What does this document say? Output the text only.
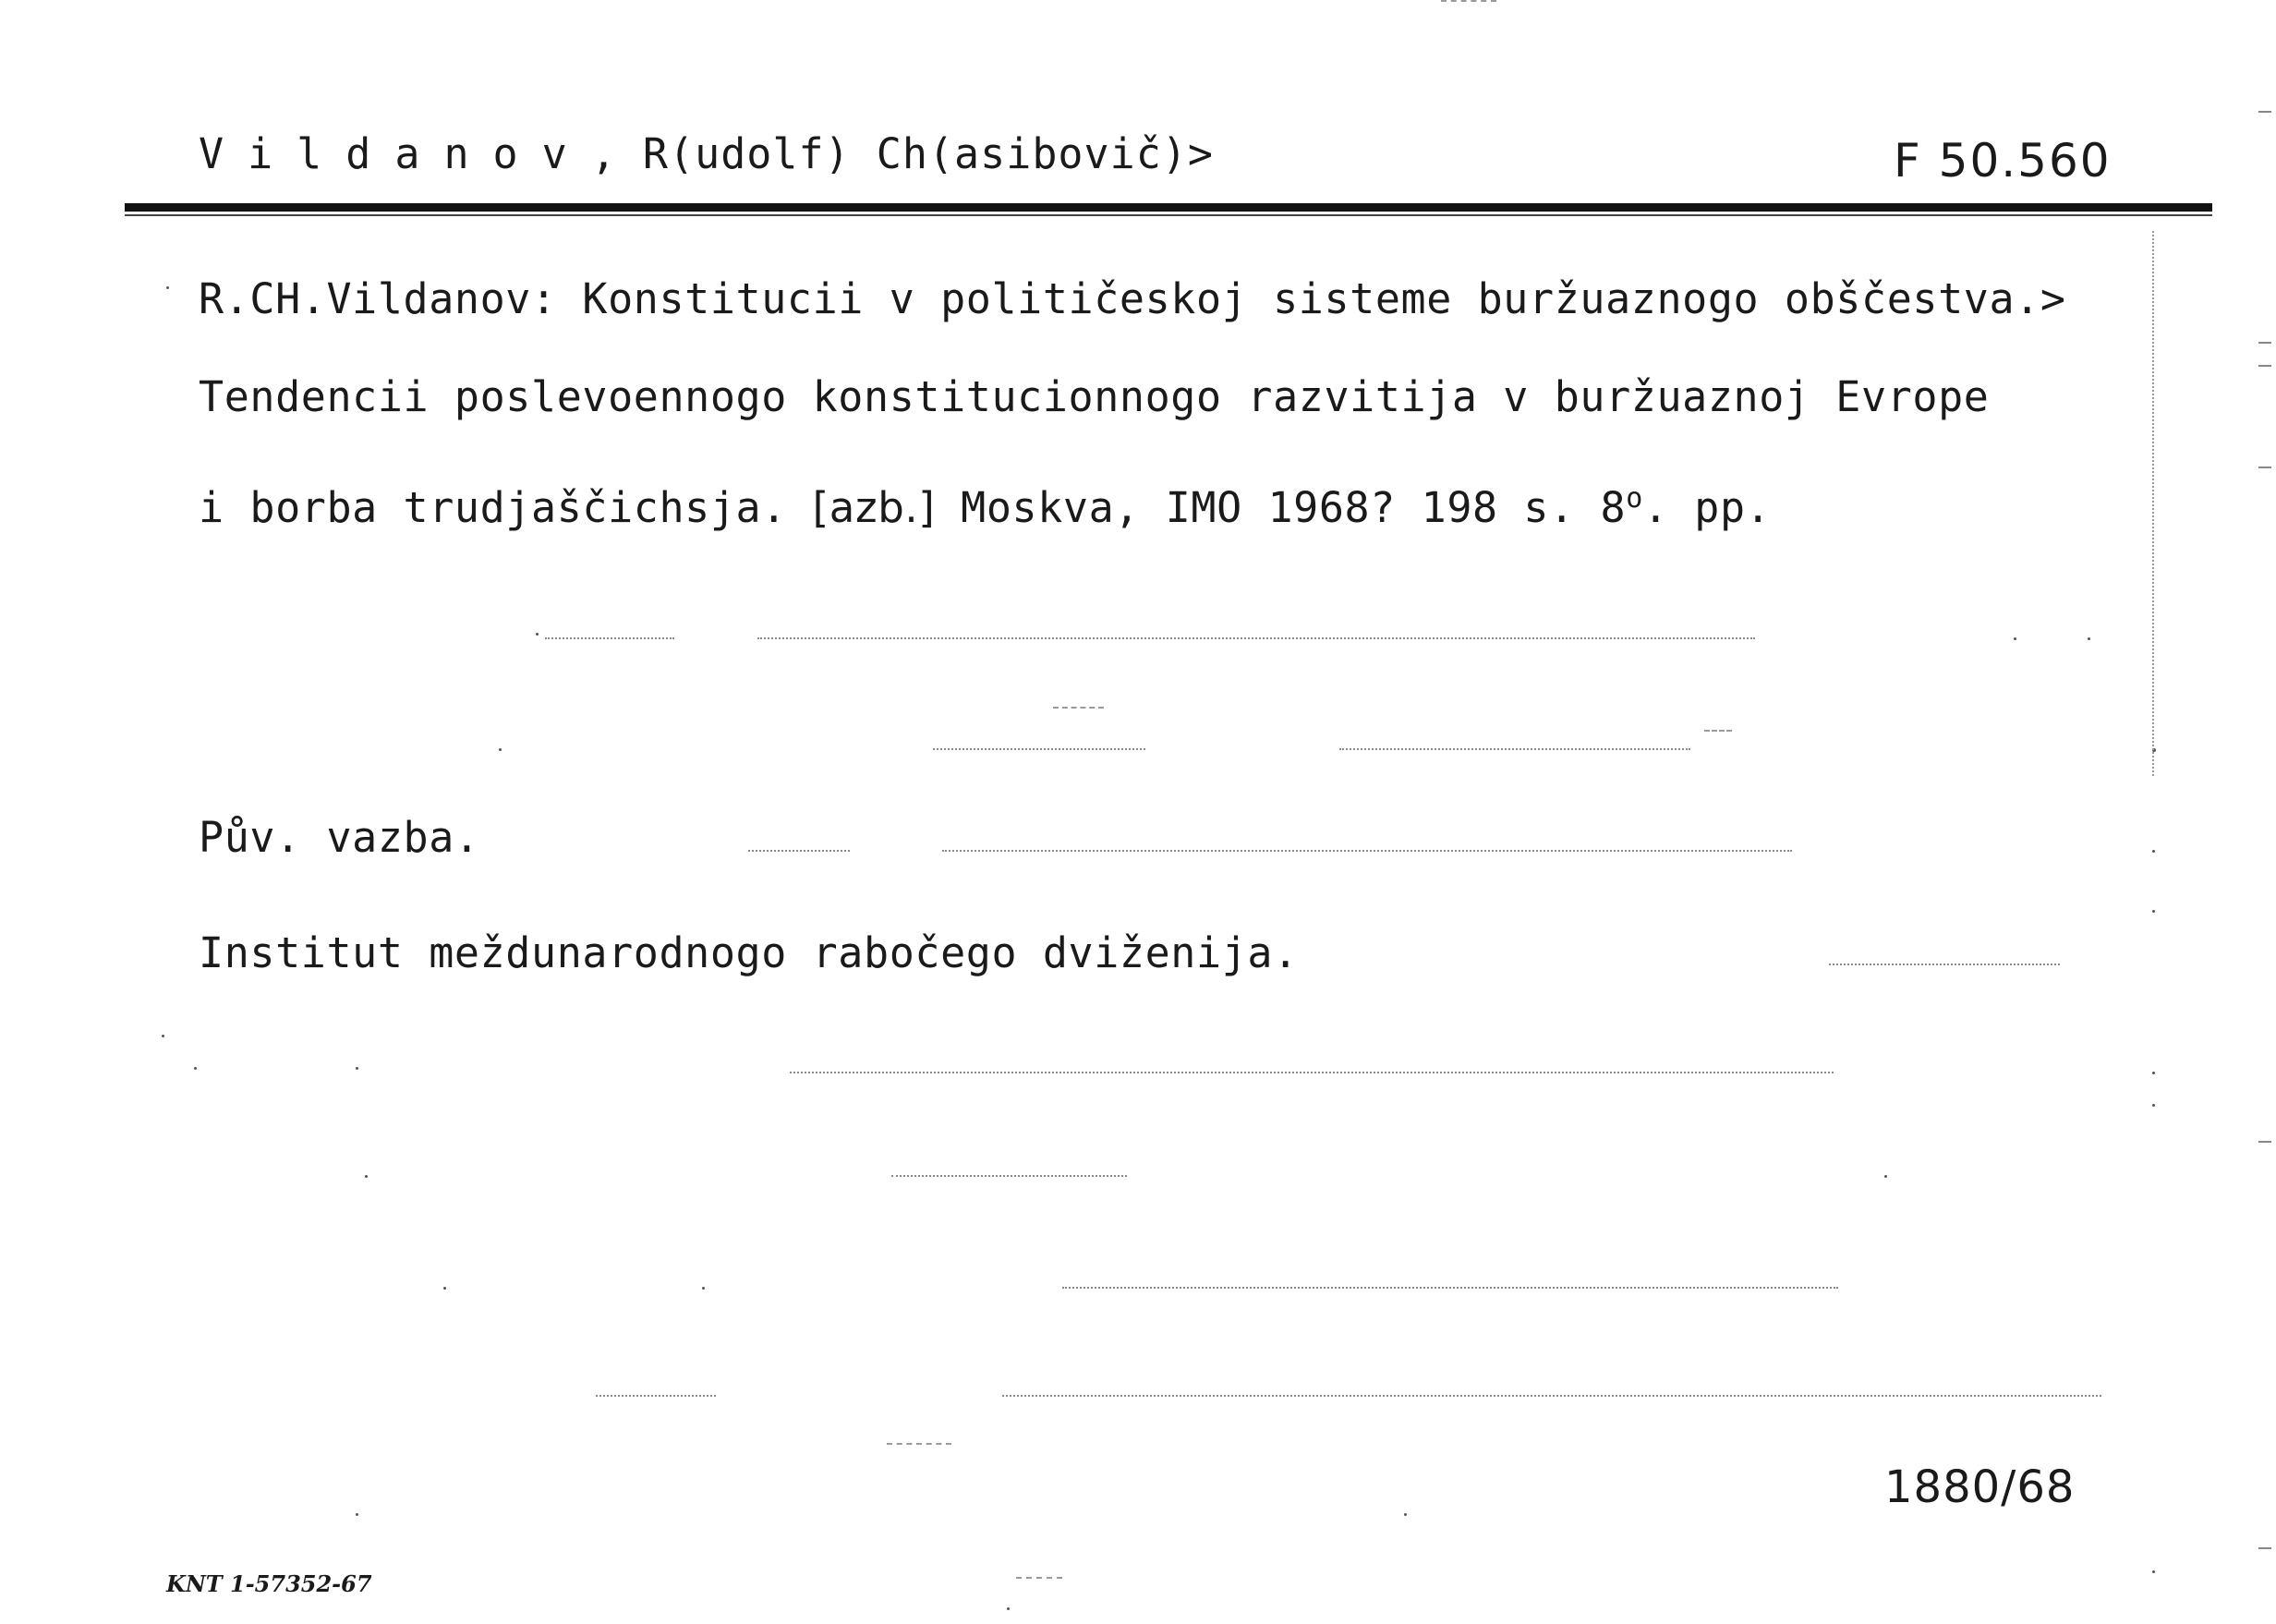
Vildanov, R(udolf) Ch(asibovič)>	F 50.560
R.CH.Vildanov: Konstitucii v političeskoj sisteme buržuaznogo obščestva.>
Tendencii poslevoennogo konstitucionnogo razvitija v buržuaznoj Evrope
i borba trudjaščichsja. [azb.] Moskva, IMO 1968? 198 s. 8$^o$. pp.
Pův. vazba.
Institut meždunarodnogo rabočego dviženija.
1880/68
KNT 1-57352-67
